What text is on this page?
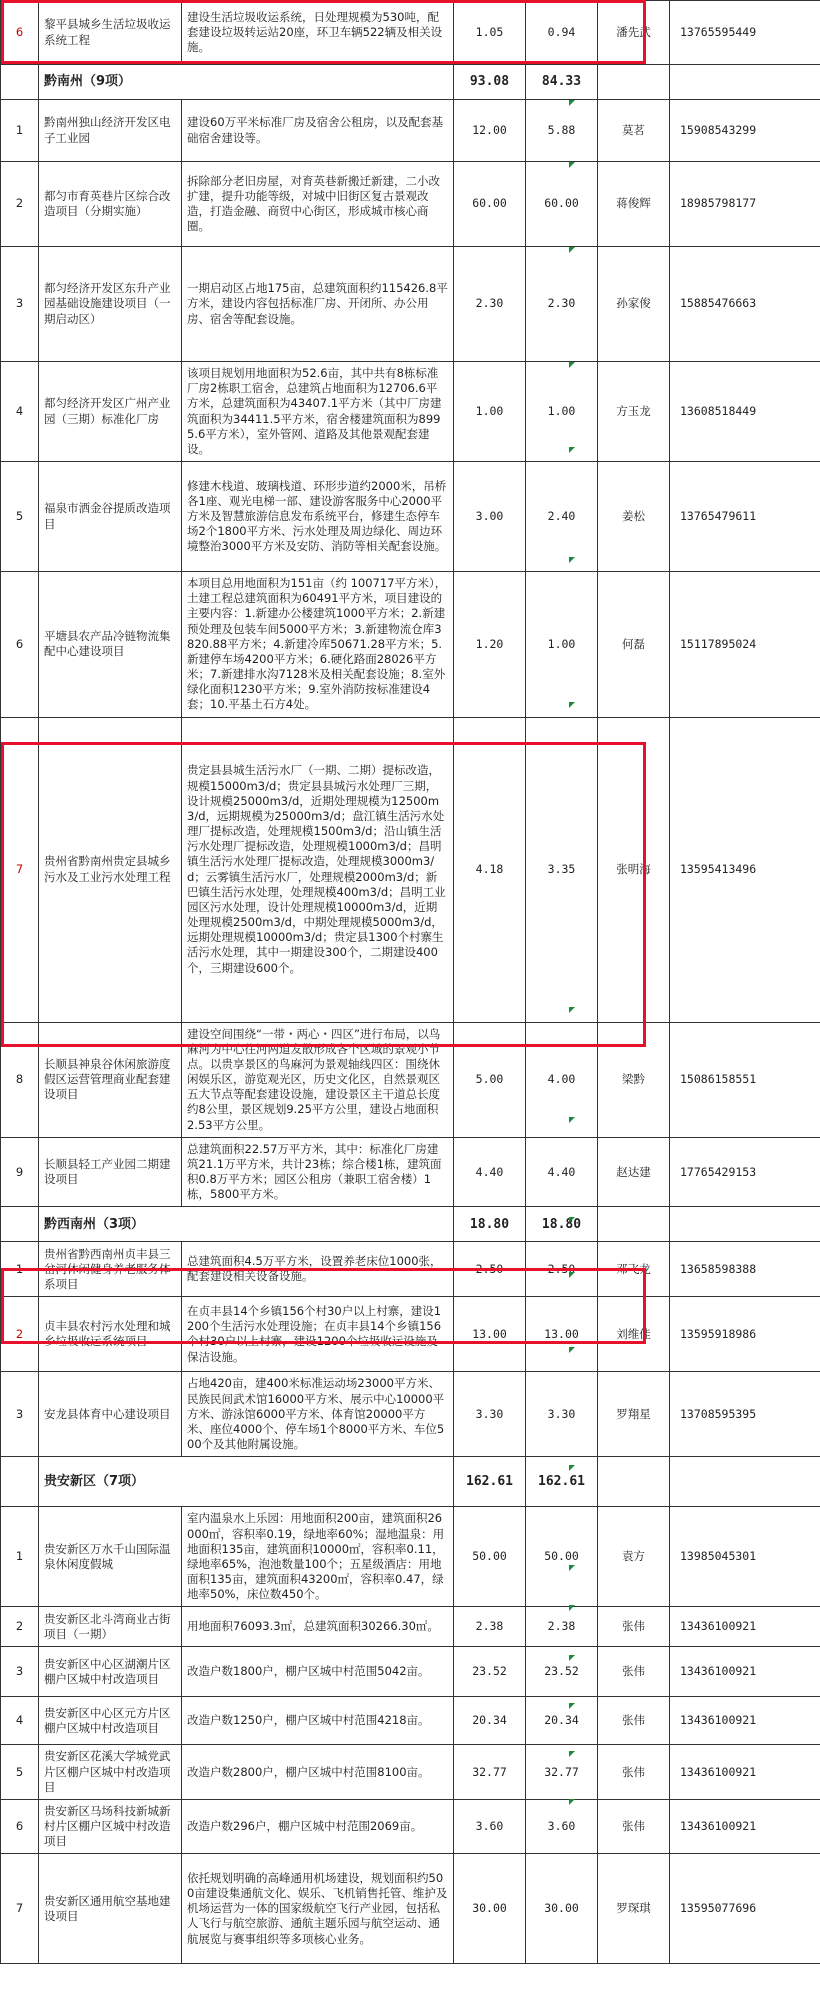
6	黎平县城乡生活垃圾收运系统工程	建设生活垃圾收运系统，日处理规模为530吨，配套建设垃圾转运站20座，环卫车辆522辆及相关设施。	1.05	0.94	潘先武	13765595449
	黔南州（9项）		93.08	84.33		
1	黔南州独山经济开发区电子工业园	建设60万平米标准厂房及宿舍公租房，以及配套基础宿舍建设等。	12.00	5.88	莫茗	15908543299
2	都匀市育英巷片区综合改造项目（分期实施）	拆除部分老旧房屋，对育英巷新搬迁新建，二小改扩建，提升功能等级，对城中旧街区复古景观改造，打造金融、商贸中心街区，形成城市核心商圈。	60.00	60.00	蒋俊辉	18985798177
3	都匀经济开发区东升产业园基础设施建设项目（一期启动区）	一期启动区占地175亩，总建筑面积约115426.8平方米，建设内容包括标准厂房、开闭所、办公用房、宿舍等配套设施。	2.30	2.30	孙家俊	15885476663
4	都匀经济开发区广州产业园（三期）标准化厂房	该项目规划用地面积为52.6亩，其中共有8栋标准厂房2栋职工宿舍，总建筑占地面积为12706.6平方米，总建筑面积为43407.1平方米（其中厂房建筑面积为34411.5平方米，宿舍楼建筑面积为8995.6平方米），室外管网、道路及其他景观配套建设。	1.00	1.00	方玉龙	13608518449
5	福泉市洒金谷提质改造项目	修建木栈道、玻璃栈道、环形步道约2000米，吊桥各1座、观光电梯一部、建设游客服务中心2000平方米及智慧旅游信息发布系统平台，修建生态停车场2个1800平方米、污水处理及周边绿化、周边环境整治3000平方米及安防、消防等相关配套设施。	3.00	2.40	姜松	13765479611
6	平塘县农产品冷链物流集配中心建设项目	本项目总用地面积为151亩（约 100717平方米），土建工程总建筑面积为60491平方米，项目建设的主要内容：1.新建办公楼建筑1000平方米；2.新建预处理及包装车间5000平方米；3.新建物流仓库3820.88平方米；4.新建冷库50671.28平方米；5.新建停车场4200平方米；6.硬化路面28026平方米；7.新建排水沟7128米及相关配套设施；8.室外绿化面积1230平方米；9.室外消防按标准建设4套；10.平基土石方4处。	1.20	1.00	何磊	15117895024
7	贵州省黔南州贵定县城乡污水及工业污水处理工程	贵定县县城生活污水厂（一期、二期）提标改造，规模15000m3/d；贵定县县城污水处理厂三期，设计规模25000m3/d，近期处理规模为12500m3/d，远期规模为25000m3/d；盘江镇生活污水处理厂提标改造，处理规模1500m3/d；沿山镇生活污水处理厂提标改造，处理规模1000m3/d；昌明镇生活污水处理厂提标改造，处理规模3000m3/d；云雾镇生活污水厂，处理规模2000m3/d；新巴镇生活污水处理，处理规模400m3/d；昌明工业园区污水处理，设计处理规模10000m3/d，近期处理规模2500m3/d，中期处理规模5000m3/d，远期处理规模10000m3/d；贵定县1300个村寨生活污水处理，其中一期建设300个，二期建设400个，三期建设600个。	4.18	3.35	张明海	13595413496
8	长顺县神泉谷休闲旅游度假区运营管理商业配套建设项目	建设空间围绕“一带・两心・四区”进行布局，以鸟麻河为中心往河两道发散形成各个区域的景观小节点。以贵享景区的鸟麻河为景观轴线四区：围绕休闲娱乐区，游览观光区，历史文化区，自然景观区五大节点等配套建设设施，建设景区主干道总长度约8公里，景区规划9.25平方公里，建设占地面积2.53平方公里。	5.00	4.00	梁黔	15086158551
9	长顺县轻工产业园二期建设项目	总建筑面积22.57万平方米，其中：标准化厂房建筑21.1万平方米，共计23栋；综合楼1栋，建筑面积0.8万平方米；园区公租房（兼职工宿舍楼）1栋，5800平方米。	4.40	4.40	赵达建	17765429153
	黔西南州（3项）		18.80	18.80		
1	贵州省黔西南州贞丰县三岔河休闲健身养老服务体系项目	总建筑面积4.5万平方米，设置养老床位1000张，配套建设相关设备设施。	2.50	2.50	邓飞龙	13658598388
2	贞丰县农村污水处理和城乡垃圾收运系统项目	在贞丰县14个乡镇156个村30户以上村寨，建设1200个生活污水处理设施；在贞丰县14个乡镇156个村30户以上村寨，建设1200个垃圾收运设施及保洁设施。	13.00	13.00	刘维佳	13595918986
3	安龙县体育中心建设项目	占地420亩，建400米标准运动场23000平方米、民族民间武术馆16000平方米、展示中心10000平方米、游泳馆6000平方米、体育馆20000平方米、座位4000个、停车场1个8000平方米、车位500个及其他附属设施。	3.30	3.30	罗翔星	13708595395
	贵安新区（7项）		162.61	162.61		
1	贵安新区万水千山国际温泉休闲度假城	室内温泉水上乐园：用地面积200亩，建筑面积26000㎡，容积率0.19，绿地率60%；湿地温泉：用地面积135亩，建筑面积10000㎡，容积率0.11，绿地率65%，泡池数量100个；五星级酒店：用地面积135亩，建筑面积43200㎡，容积率0.47，绿地率50%，床位数450个。	50.00	50.00	袁方	13985045301
2	贵安新区北斗湾商业古街项目（一期）	用地面积76093.3㎡，总建筑面积30266.30㎡。	2.38	2.38	张伟	13436100921
3	贵安新区中心区湖潮片区棚户区城中村改造项目	改造户数1800户，棚户区城中村范围5042亩。	23.52	23.52	张伟	13436100921
4	贵安新区中心区元方片区棚户区城中村改造项目	改造户数1250户，棚户区城中村范围4218亩。	20.34	20.34	张伟	13436100921
5	贵安新区花溪大学城党武片区棚户区城中村改造项目	改造户数2800户，棚户区城中村范围8100亩。	32.77	32.77	张伟	13436100921
6	贵安新区马场科技新城新村片区棚户区城中村改造项目	改造户数296户，棚户区城中村范围2069亩。	3.60	3.60	张伟	13436100921
7	贵安新区通用航空基地建设项目	依托规划明确的高峰通用机场建设，规划面积约500亩建设集通航文化、娱乐、飞机销售托管、维护及机场运营为一体的国家级航空飞行产业园，包括私人飞行与航空旅游、通航主题乐园与航空运动、通航展览与赛事组织等多项核心业务。	30.00	30.00	罗琛琪	13595077696
